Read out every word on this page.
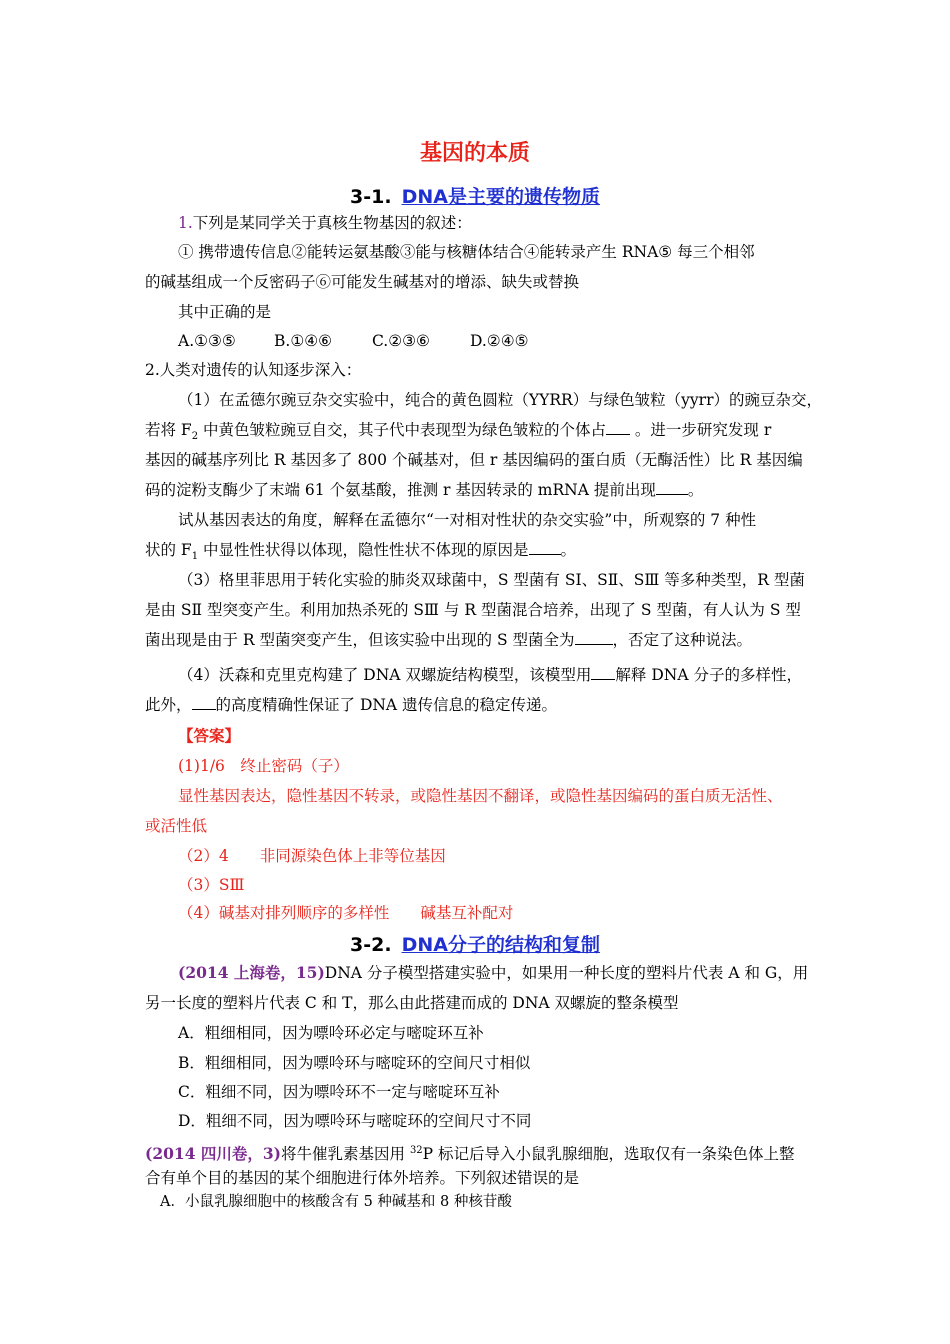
基因的本质
3-1. DNA是主要的遗传物质
1.下列是某同学关于真核生物基因的叙述：
① 携带遗传信息②能转运氨基酸③能与核糖体结合④能转录产生 RNA⑤ 每三个相邻
的碱基组成一个反密码子⑥可能发生碱基对的增添、缺失或替换
其中正确的是
A.①③⑤ B.①④⑥	C.②③⑥	D.②④⑤
2.人类对遗传的认知逐步深入：
（1）在孟德尔豌豆杂交实验中，纯合的黄色圆粒（YYRR）与绿色皱粒（yyrr）的豌豆杂交，
若将 $F_2$ 中黄色皱粒豌豆自交，其子代中表现型为绿色皱粒的个体占 。进一步研究发现 r
基因的碱基序列比 R 基因多了 800 个碱基对，但 r 基因编码的蛋白质（无酶活性）比 R 基因编
码的淀粉支酶少了末端 61 个氨基酸，推测 r 基因转录的 mRNA 提前出现 。
试从基因表达的角度，解释在孟德尔“一对相对性状的杂交实验”中，所观察的 7 种性
状的 $F_1$ 中显性性状得以体现，隐性性状不体现的原因是 。
（3）格里菲思用于转化实验的肺炎双球菌中，S 型菌有 SⅠ、SⅡ、SⅢ 等多种类型，R 型菌
是由 SⅡ 型突变产生。利用加热杀死的 SⅢ 与 R 型菌混合培养，出现了 S 型菌，有人认为 S 型
菌出现是由于 R 型菌突变产生，但该实验中出现的 S 型菌全为 ，否定了这种说法。
（4）沃森和克里克构建了 DNA 双螺旋结构模型，该模型用 解释 DNA 分子的多样性，
此外， 的高度精确性保证了 DNA 遗传信息的稳定传递。
【答案】
(1)1/6　终止密码（子）
显性基因表达，隐性基因不转录，或隐性基因不翻译，或隐性基因编码的蛋白质无活性、
或活性低
（2）4　　非同源染色体上非等位基因
（3）SⅢ
（4）碱基对排列顺序的多样性　　碱基互补配对
3-2. DNA分子的结构和复制
(2014 上海卷，15)DNA 分子模型搭建实验中，如果用一种长度的塑料片代表 A 和 G，用
另一长度的塑料片代表 C 和 T，那么由此搭建而成的 DNA 双螺旋的整条模型
A．粗细相同，因为嘌呤环必定与嘧啶环互补
B．粗细相同，因为嘌呤环与嘧啶环的空间尺寸相似
C．粗细不同，因为嘌呤环不一定与嘧啶环互补
D．粗细不同，因为嘌呤环与嘧啶环的空间尺寸不同
(2014 四川卷，3)将牛催乳素基因用 $^{32}$P 标记后导入小鼠乳腺细胞，选取仅有一条染色体上整
合有单个目的基因的某个细胞进行体外培养。下列叙述错误的是
A．小鼠乳腺细胞中的核酸含有 5 种碱基和 8 种核苷酸
